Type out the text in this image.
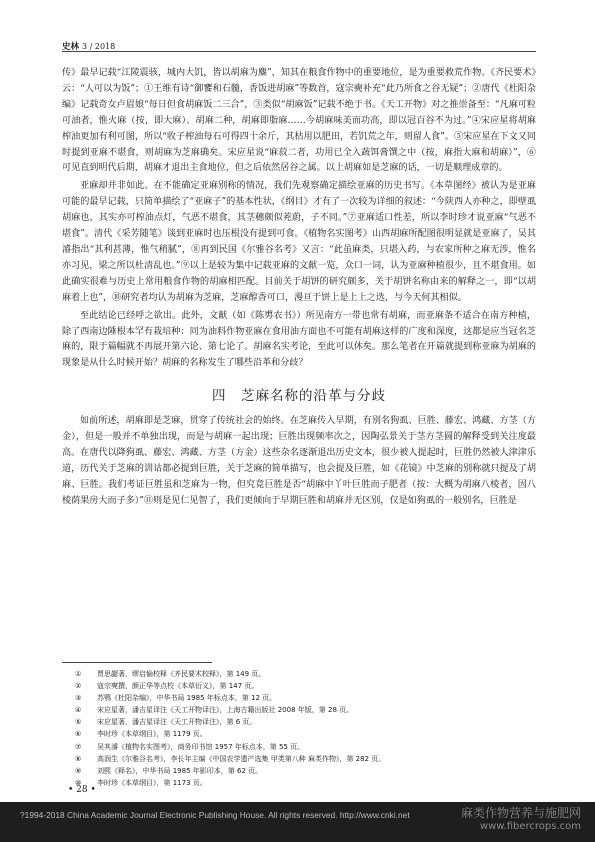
史林 3 / 2018

传》最早记载“江陵震骇，城内大饥，皆以胡麻为麋”，知其在粮食作物中的重要地位，是为重要救荒作物。《齐民要术》云：“人可以为饭”；①王维有诗“御饔和石髓，香饭进胡麻”等数首，寇宗奭补充“此乃所食之谷无疑”；②唐代《杜阳杂编》记载奇女卢眉娘“每日但食胡麻饭二三合”，③类似“胡麻饭”记载不绝于书。《天工开物》对之推崇备至：“凡麻可粒可油者，惟火麻（按，即大麻）、胡麻二种，胡麻即脂麻……今胡麻味美而功高，即以冠百谷不为过。”④宋应星将胡麻榨油更加有利可图，所以“收子榨油每石可得四十余斤，其枯用以肥田，若饥荒之年，则留人食”。⑤宋应星在下文又同时提到亚麻不堪食，则胡麻为芝麻确矣。宋应星说“麻菽二者，功用已全入蔬饵膏馔之中（按，麻指大麻和胡麻）”，⑥可见直到明代后期，胡麻才退出主食地位，但之后依然居谷之属。以上胡麻如是芝麻的话，一切是顺理成章的。

亚麻却并非如此。在不能确定亚麻别称的情况，我们先观察确定描绘亚麻的历史书写。《本草图经》被认为是亚麻可能的最早记载，只简单描绘了“亚麻子”的基本性状，《纲目》才有了一次较为详细的叙述：“今陕西人亦种之，即壁虱胡麻也，其实亦可榨油点灯，气恶不堪食，其茎穗颇似茺蔚，子不同。”⑦亚麻适口性差，所以李时珍才说亚麻“气恶不堪食”。清代《采芳随笔》谈到亚麻时也压根没有提到可食。《植物名实图考》山西胡麻所配图很明显就是亚麻了，吴其濬指出“其利甚薄，惟气稍腻”，⑧再到民国《尔雅谷名考》又言：“此虽麻类，只堪入药，与农家所种之麻无涉，惟名亦习见，梁之所以杜清乱也。”⑨以上是较为集中记载亚麻的文献一览，众口一词，认为亚麻种植很少，且不堪食用。如此确实很难与历史上常用粮食作物的胡麻相匹配。目前关于胡饼的研究颇多，关于胡饼名称由来的解释之一，即“以胡麻着上也”，⑩研究者均认为胡麻为芝麻，芝麻醇香可口，漫亘于饼上是上上之选，与今天何其相似。

至此结论已经呼之欲出。此外，文献（如《陈旉农书》）所见南方一带也常有胡麻，而亚麻条不适合在南方种植，除了西南边陲根本罕有栽培种：同为油料作物亚麻在食用油方面也不可能有胡麻这样的广度和深度，这都是应当冠名芝麻的，限于篇幅就不再展开第六论、第七论了。胡麻名实考论，至此可以休矣。那么笔者在开篇就提到称亚麻为胡麻的现象是从什么时候开始？胡麻的名称发生了哪些沿革和分歧？

四　芝麻名称的沿革与分歧

如前所述，胡麻即是芝麻，贯穿了传统社会的始终。在芝麻传入早期，有别名狗虱、巨胜、藤宏、鸿藏、方茎（方金），但是一般并不单独出现，而是与胡麻一起出现；巨胜出现频率次之，因陶弘景关于茎方茎圆的解释受到关注度最高。在唐代以降狗虱、藤宏、鸿藏、方茎（方金）这些杂名逐渐退出历史文本，很少被人提起时，巨胜仍然被人津津乐道，历代关于芝麻的训诂都必提到巨胜，关于芝麻的简单描写，也会提及巨胜，如《花镜》中芝麻的别称就只提及了胡麻、巨胜。我们考证巨胜虽和芝麻为一物，但究竟巨胜是否“胡麻中丫叶巨胜而子肥者（按：大概为胡麻八棱者，因八棱荫果房大而子多）”⑪则是见仁见智了，我们更倾向于早期巨胜和胡麻并无区别，仅是如狗虱的一般别名，巨胜是

①	贾思勰著，缪启愉校释《齐民要术校释》，第 149 页。
②	寇宗奭撰，颜正华等点校《本草衍义》，第 147 页。
③	苏鹗《杜阳杂编》，中华书局 1985 年标点本，第 12 页。
④	宋应星著，潘吉星译注《天工开物译注》，上海古籍出版社 2008 年版，第 28 页。
⑤	宋应星著，潘吉星译注《天工开物译注》，第 6 页。
⑥	李时珍《本草纲目》，第 1179 页。
⑦	吴其濬《植物名实图考》，商务印书馆 1957 年标点本，第 55 页。
⑧	高润生《尔雅谷名考》，李长年主编《中国农学遗产选集 甲类第八种 麻类作物》，第 282 页。
⑨	刘熙《释名》，中华书局 1985 年影印本，第 62 页。
⑩	李时珍《本草纲目》，第 1173 页。
• 28 •
?1994-2018 China Academic Journal Electronic Publishing House. All rights reserved. http://www.cnki.net	麻类作物营养与施肥网
www.fibercrops.com
